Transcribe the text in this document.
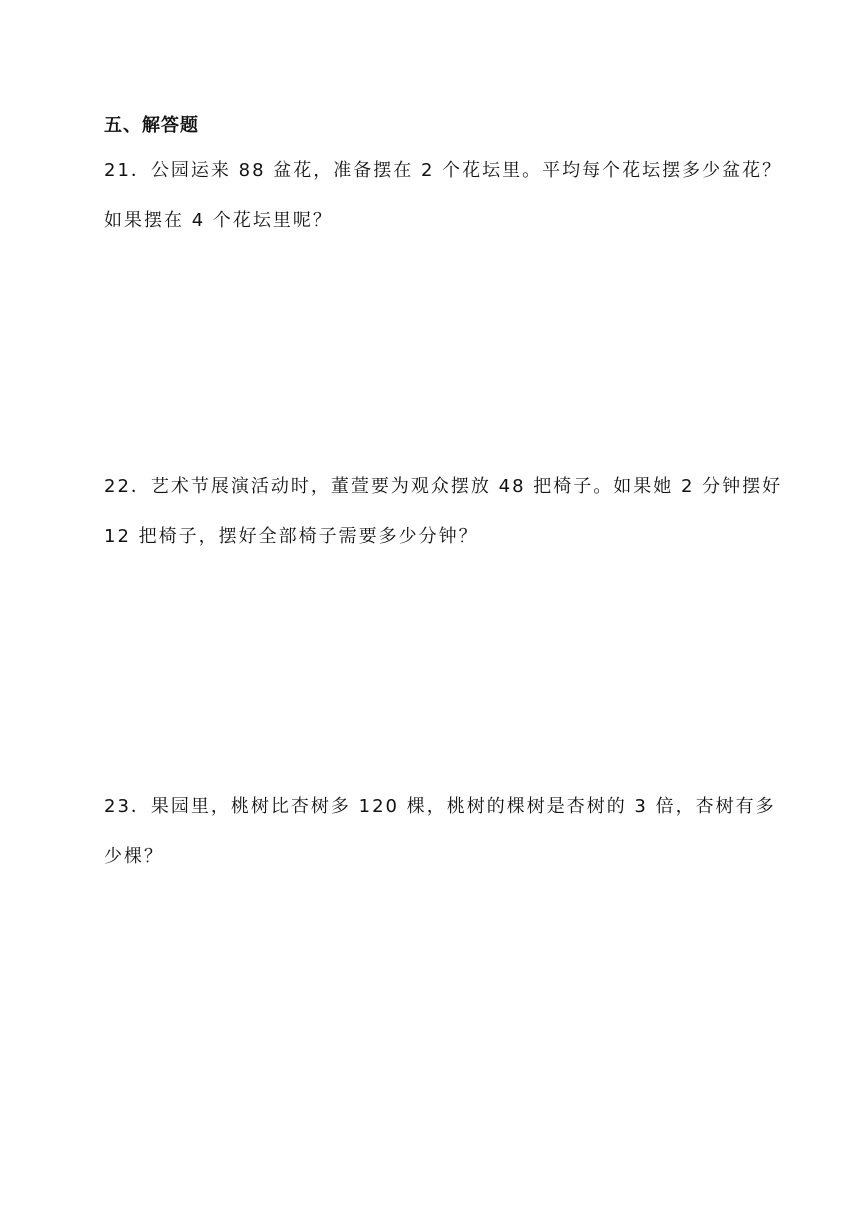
五、解答题
21．公园运来 88 盆花，准备摆在 2 个花坛里。平均每个花坛摆多少盆花？
如果摆在 4 个花坛里呢？
22．艺术节展演活动时，董萱要为观众摆放 48 把椅子。如果她 2 分钟摆好
12 把椅子，摆好全部椅子需要多少分钟？
23．果园里，桃树比杏树多 120 棵，桃树的棵树是杏树的 3 倍，杏树有多
少棵？
